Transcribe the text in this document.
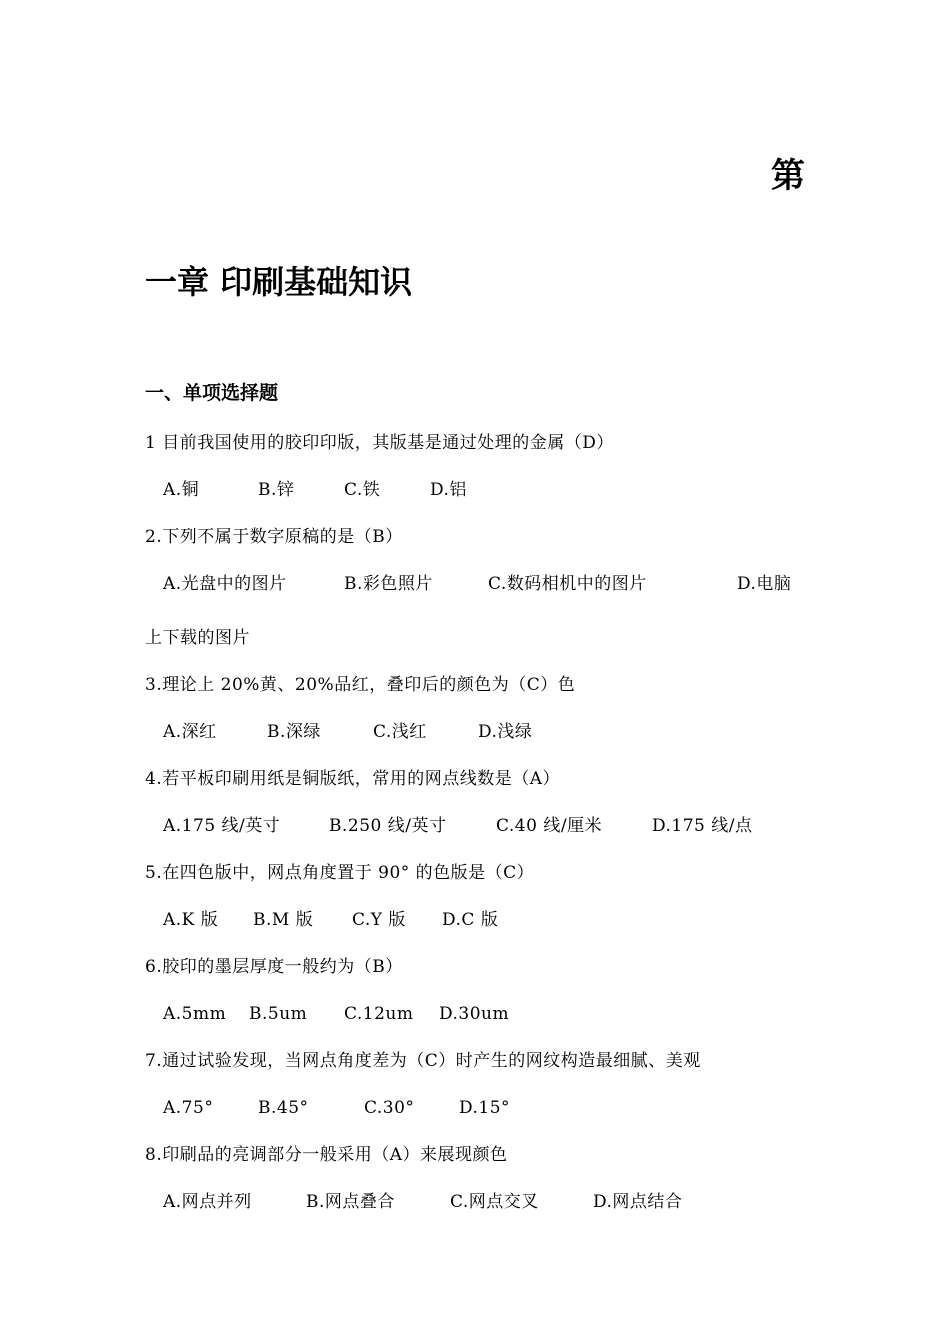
第
一章 印刷基础知识
一、单项选择题
1 目前我国使用的胶印印版，其版基是通过处理的金属（D）
A.铜	B.锌	C.铁	D.铝
2.下列不属于数字原稿的是（B）
A.光盘中的图片	B.彩色照片	C.数码相机中的图片	D.电脑
上下载的图片
3.理论上 20%黄、20%品红，叠印后的颜色为（C）色
A.深红	B.深绿	C.浅红	D.浅绿
4.若平板印刷用纸是铜版纸，常用的网点线数是（A）
A.175 线/英寸	B.250 线/英寸	C.40 线/厘米	D.175 线/点
5.在四色版中，网点角度置于 90° 的色版是（C）
A.K 版 B.M 版 C.Y 版 D.C 版
6.胶印的墨层厚度一般约为（B）
A.5mm B.5um C.12um D.30um
7.通过试验发现，当网点角度差为（C）时产生的网纹构造最细腻、美观
A.75°	B.45°	C.30°	D.15°
8.印刷品的亮调部分一般采用（A）来展现颜色
A.网点并列	B.网点叠合	C.网点交叉	D.网点结合
